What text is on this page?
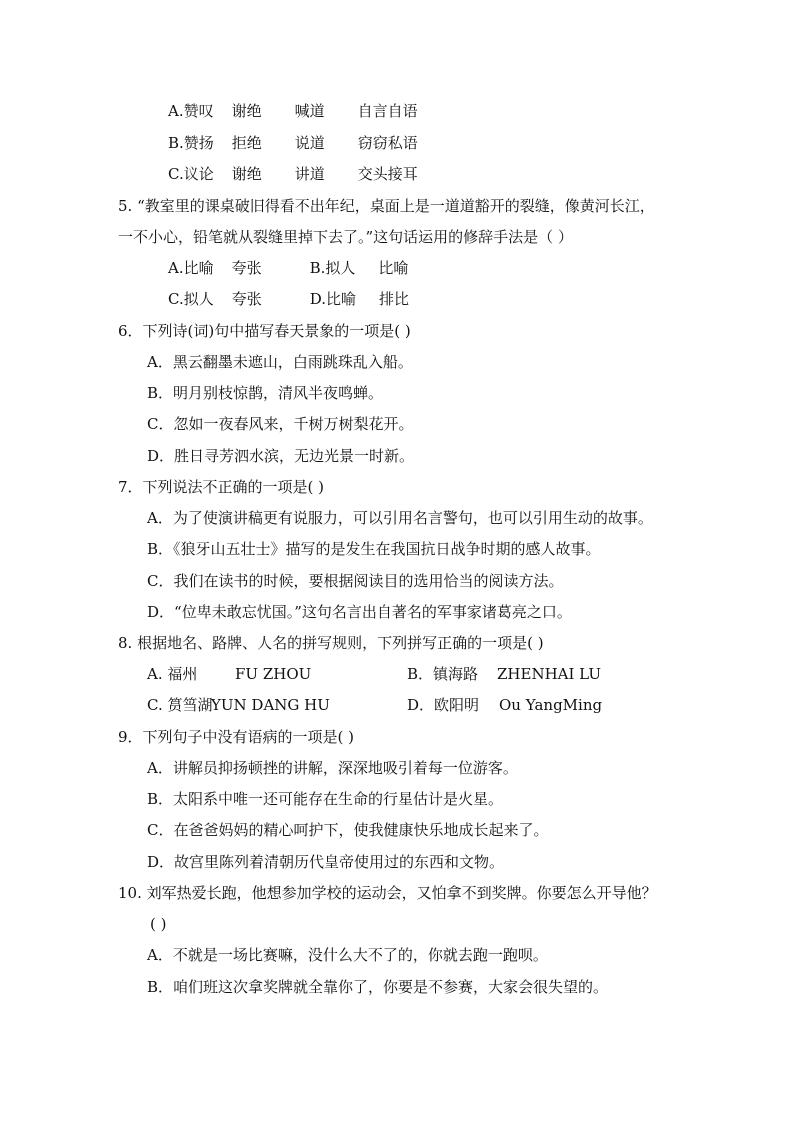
A.赞叹 谢绝 喊道 自言自语
B.赞扬 拒绝 说道 窃窃私语
C.议论 谢绝 讲道 交头接耳
5. “教室里的课桌破旧得看不出年纪，桌面上是一道道豁开的裂缝，像黄河长江，
一不小心，铅笔就从裂缝里掉下去了。”这句话运用的修辞手法是（ ）
A.比喻 夸张	B.拟人 比喻
C.拟人 夸张	D.比喻 排比
6．下列诗(词)句中描写春天景象的一项是( )
A．黑云翻墨未遮山，白雨跳珠乱入船。
B．明月别枝惊鹊，清风半夜鸣蝉。
C．忽如一夜春风来，千树万树梨花开。
D．胜日寻芳泗水滨，无边光景一时新。
7．下列说法不正确的一项是( )
A．为了使演讲稿更有说服力，可以引用名言警句，也可以引用生动的故事。
B．《狼牙山五壮士》描写的是发生在我国抗日战争时期的感人故事。
C．我们在读书的时候，要根据阅读目的选用恰当的阅读方法。
D．“位卑未敢忘忧国。”这句名言出自著名的军事家诸葛亮之口。
8. 根据地名、路牌、人名的拼写规则，下列拼写正确的一项是( )
A. 福州	FU ZHOU	B．镇海路 ZHENHAI LU
C. 筼筜湖YUN DANG HU	D．欧阳明 Ou YangMing
9．下列句子中没有语病的一项是( )
A．讲解员抑扬顿挫的讲解，深深地吸引着每一位游客。
B．太阳系中唯一还可能存在生命的行星估计是火星。
C．在爸爸妈妈的精心呵护下，使我健康快乐地成长起来了。
D．故宫里陈列着清朝历代皇帝使用过的东西和文物。
10. 刘军热爱长跑，他想参加学校的运动会，又怕拿不到奖牌。你要怎么开导他？
( )
A．不就是一场比赛嘛，没什么大不了的，你就去跑一跑呗。
B．咱们班这次拿奖牌就全靠你了，你要是不参赛，大家会很失望的。
